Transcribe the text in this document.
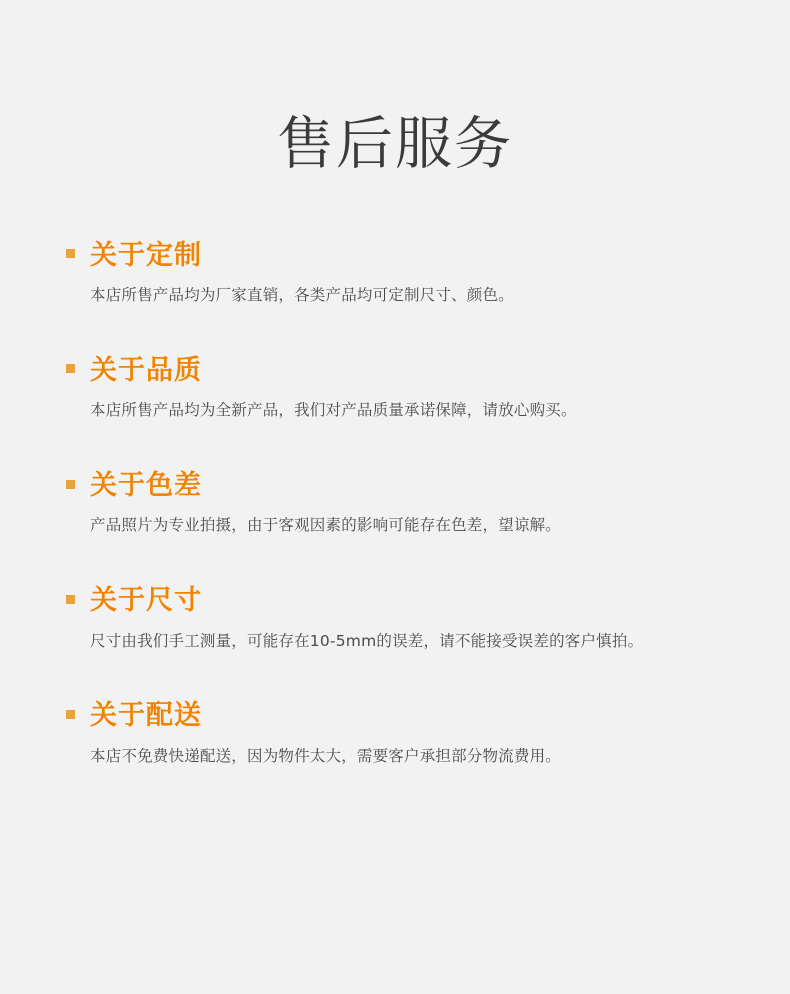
售后服务
关于定制
本店所售产品均为厂家直销，各类产品均可定制尺寸、颜色。
关于品质
本店所售产品均为全新产品，我们对产品质量承诺保障，请放心购买。
关于色差
产品照片为专业拍摄，由于客观因素的影响可能存在色差，望谅解。
关于尺寸
尺寸由我们手工测量，可能存在10-5mm的误差，请不能接受误差的客户慎拍。
关于配送
本店不免费快递配送，因为物件太大，需要客户承担部分物流费用。
